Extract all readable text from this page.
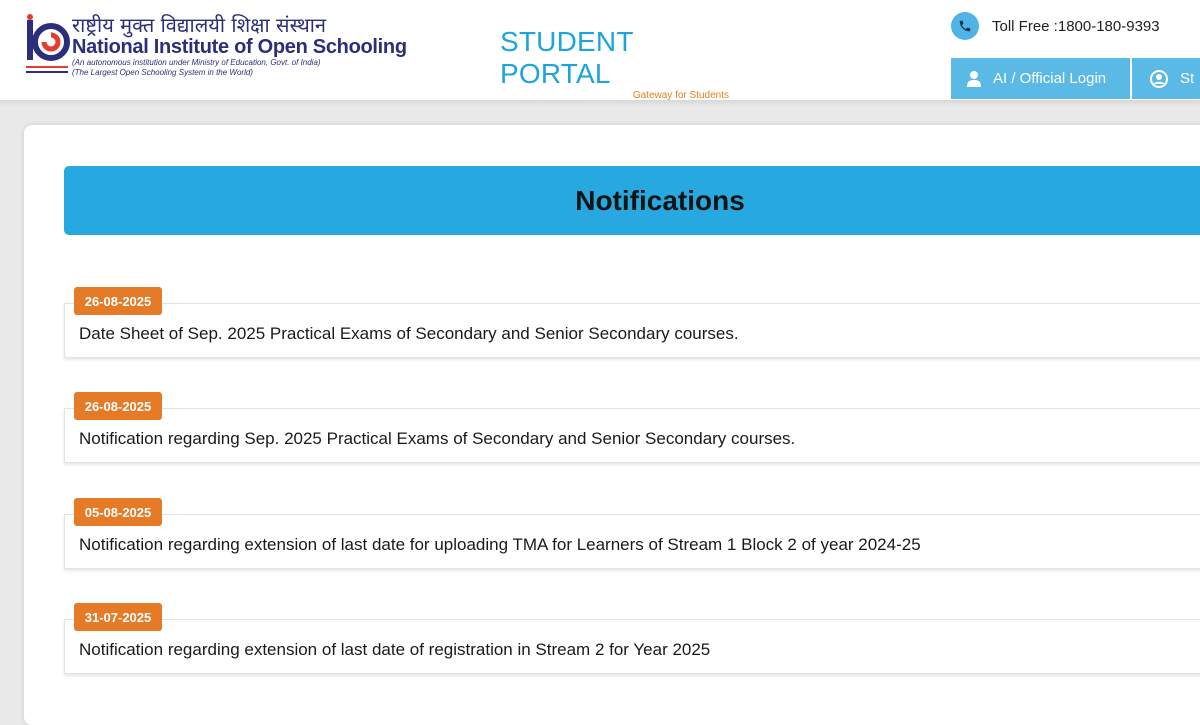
राष्ट्रीय मुक्त विद्यालयी शिक्षा संस्थान
National Institute of Open Schooling
(An autonomous institution under Ministry of Education, Govt. of India)
(The Largest Open Schooling System in the World)
STUDENT PORTAL
Gateway for Students
Toll Free :1800-180-9393
AI / Official Login	St
Notifications
Date Sheet of Sep. 2025 Practical Exams of Secondary and Senior Secondary courses.
26-08-2025
Notification regarding Sep. 2025 Practical Exams of Secondary and Senior Secondary courses.
26-08-2025
Notification regarding extension of last date for uploading TMA for Learners of Stream 1 Block 2 of year 2024-25
05-08-2025
Notification regarding extension of last date of registration in Stream 2 for Year 2025
31-07-2025
